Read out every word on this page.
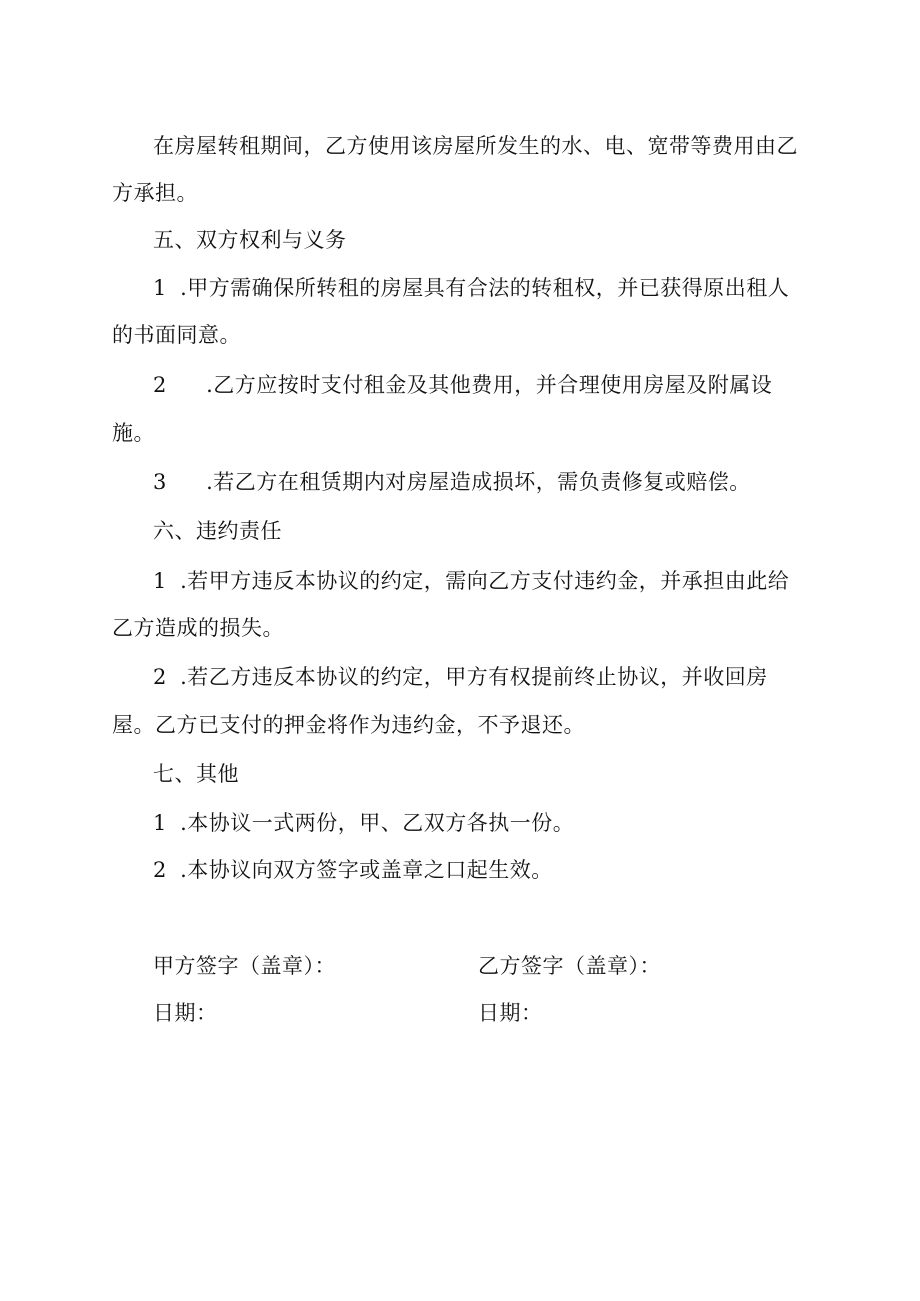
在房屋转租期间，乙方使用该房屋所发生的水、电、宽带等费用由乙
方承担。
五、双方权利与义务
1 .甲方需确保所转租的房屋具有合法的转租权，并已获得原出租人
的书面同意。
2 .乙方应按时支付租金及其他费用，并合理使用房屋及附属设
施。
3 .若乙方在租赁期内对房屋造成损坏，需负责修复或赔偿。
六、违约责任
1 .若甲方违反本协议的约定，需向乙方支付违约金，并承担由此给
乙方造成的损失。
2 .若乙方违反本协议的约定，甲方有权提前终止协议，并收回房
屋。乙方已支付的押金将作为违约金，不予退还。
七、其他
1 .本协议一式两份，甲、乙双方各执一份。
2 .本协议向双方签字或盖章之口起生效。
甲方签字（盖章）：	乙方签字（盖章）：
日期：	日期：
